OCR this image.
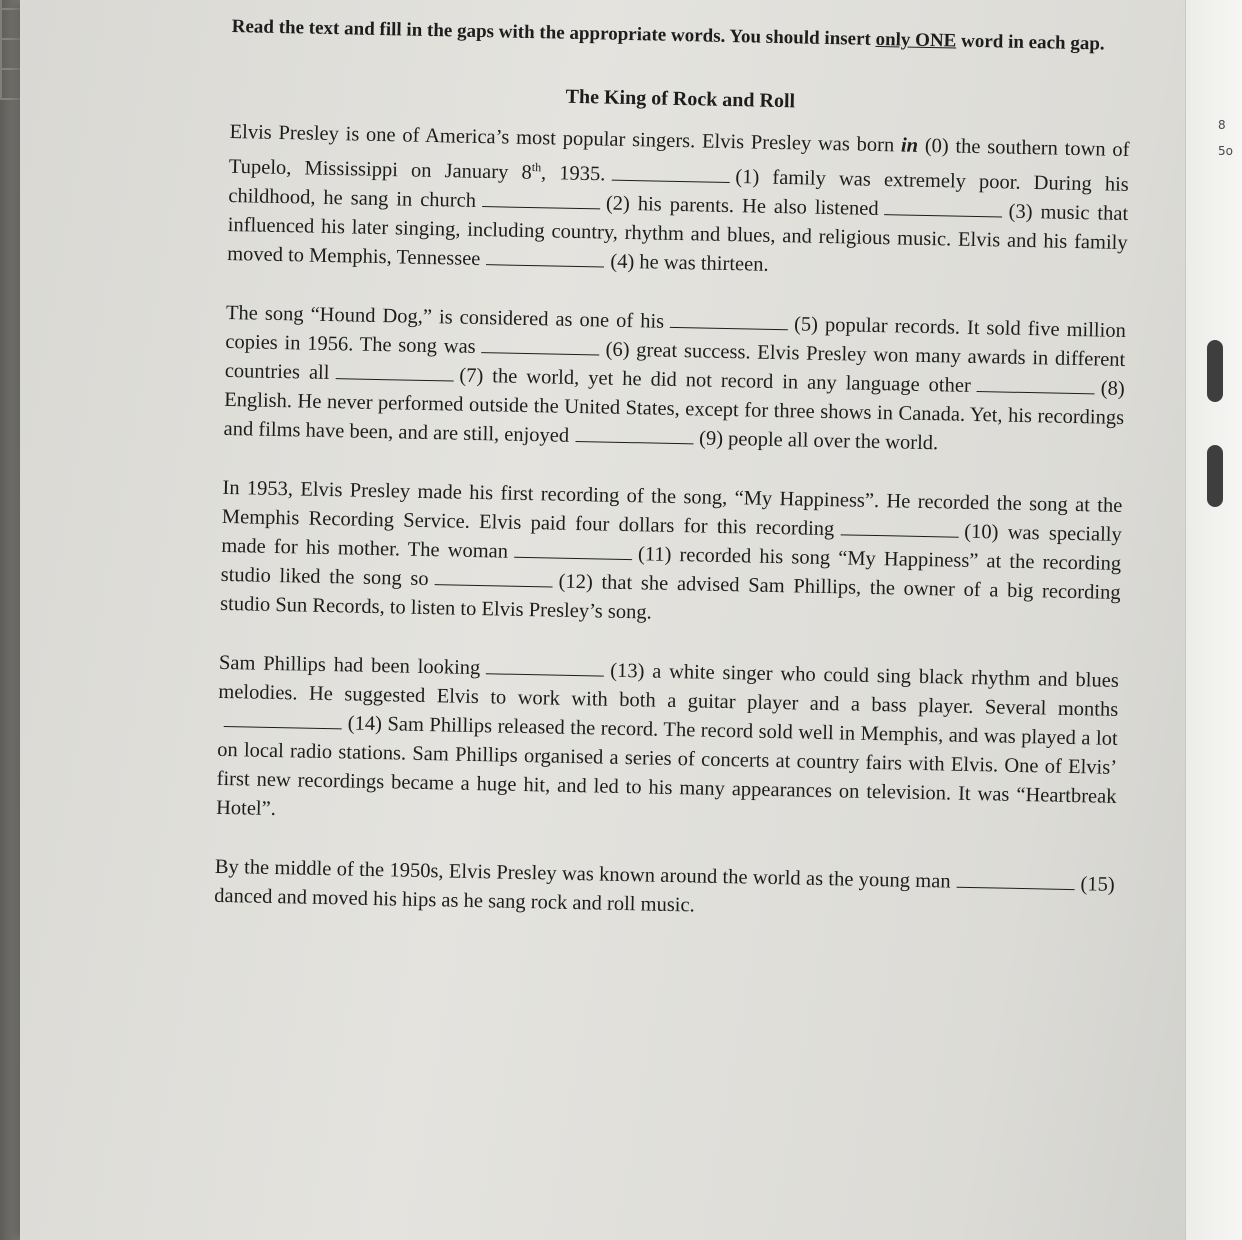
8
5o

Read the text and fill in the gaps with the appropriate words. You should insert only ONE word in each gap.

The King of Rock and Roll

Elvis Presley is one of America’s most popular singers. Elvis Presley was born in (0) the southern town of Tupelo, Mississippi on January 8th, 1935.	(1) family was extremely poor. During his childhood, he sang in church	(2) his parents. He also listened	(3) music that influenced his later singing, including country, rhythm and blues, and religious music. Elvis and his family moved to Memphis, Tennessee	(4) he was thirteen.

The song “Hound Dog,” is considered as one of his	(5) popular records. It sold five million copies in 1956. The song was	(6) great success. Elvis Presley won many awards in different countries all	(7) the world, yet he did not record in any language other	(8) English. He never performed outside the United States, except for three shows in Canada. Yet, his recordings and films have been, and are still, enjoyed	(9) people all over the world.

In 1953, Elvis Presley made his first recording of the song, “My Happiness”. He recorded the song at the Memphis Recording Service. Elvis paid four dollars for this recording	(10) was specially made for his mother. The woman	(11) recorded his song “My Happiness” at the recording studio liked the song so	(12) that she advised Sam Phillips, the owner of a big recording studio Sun Records, to listen to Elvis Presley’s song.

Sam Phillips had been looking	(13) a white singer who could sing black rhythm and blues melodies. He suggested Elvis to work with both a guitar player and a bass player. Several months(14) Sam Phillips released the record. The record sold well in Memphis, and was played a lot on local radio stations. Sam Phillips organised a series of concerts at country fairs with Elvis. One of Elvis’ first new recordings became a huge hit, and led to his many appearances on television. It was “Heartbreak Hotel”.

By the middle of the 1950s, Elvis Presley was known around the world as the young man	(15) danced and moved his hips as he sang rock and roll music.
